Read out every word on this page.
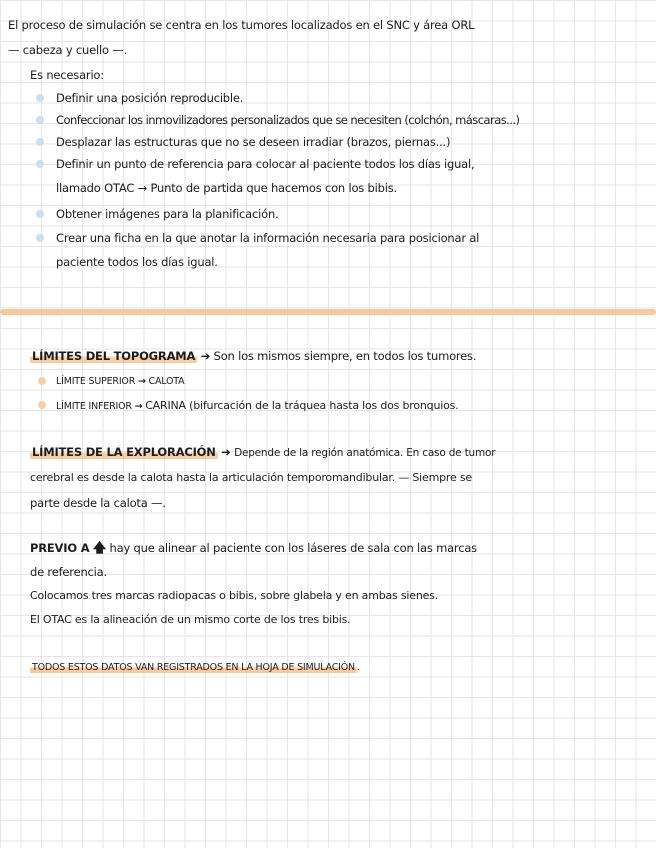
El proceso de simulación se centra en los tumores localizados en el SNC y área ORL
— cabeza y cuello —.
Es necesario:
Definir una posición reproducible.
Confeccionar los inmovilizadores personalizados que se necesiten (colchón, máscaras...)
Desplazar las estructuras que no se deseen irradiar (brazos, piernas...)
Definir un punto de referencia para colocar al paciente todos los días igual,
llamado OTAC → Punto de partida que hacemos con los bibis.
Obtener imágenes para la planificación.
Crear una ficha en la que anotar la información necesaria para posicionar al
paciente todos los días igual.
LÍMITES DEL TOPOGRAMA ➔ Son los mismos siempre, en todos los tumores.
LÍMITE SUPERIOR → CALOTA
LÍMITE INFERIOR → CARINA (bifurcación de la tráquea hasta los dos bronquios.
LÍMITES DE LA EXPLORACIÓN ➔ Depende de la región anatómica. En caso de tumor
cerebral es desde la calota hasta la articulación temporomandibular. — Siempre se
parte desde la calota —.
PREVIO A 🡅 hay que alinear al paciente con los láseres de sala con las marcas
de referencia.
Colocamos tres marcas radiopacas o bibis, sobre glabela y en ambas sienes.
El OTAC es la alineación de un mismo corte de los tres bibis.
TODOS ESTOS DATOS VAN REGISTRADOS EN LA HOJA DE SIMULACIÓN .
